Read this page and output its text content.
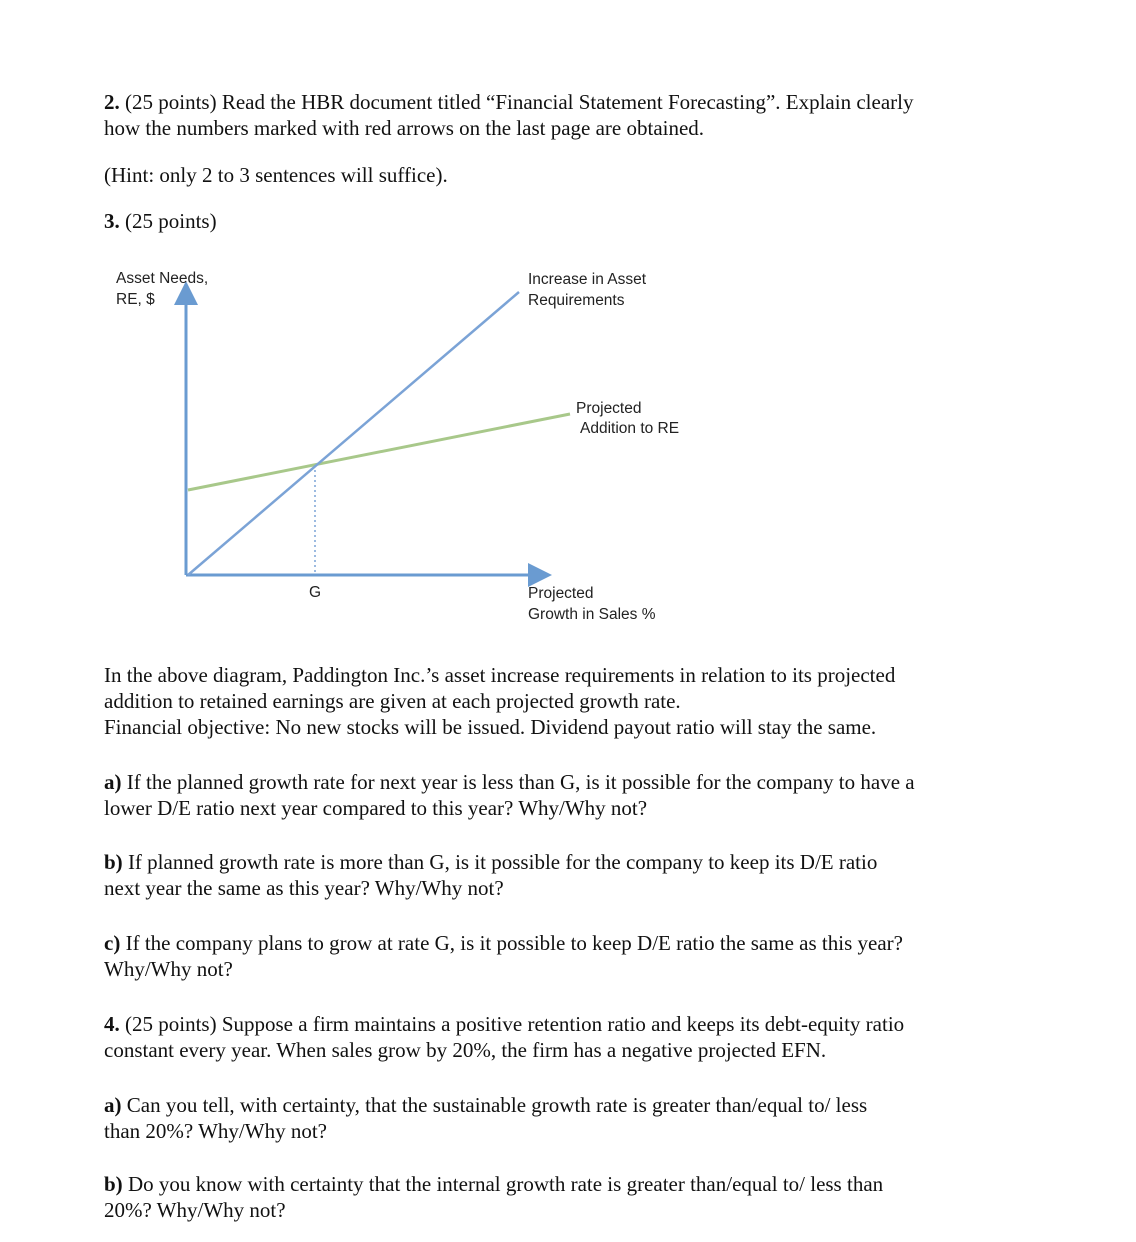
2. (25 points) Read the HBR document titled “Financial Statement Forecasting”. Explain clearly
how the numbers marked with red arrows on the last page are obtained.

(Hint: only 2 to 3 sentences will suffice).

3. (25 points)

Asset Needs,
RE, $
Increase in Asset
Requirements
Projected
Addition to RE
G	Projected
Growth in Sales %

In the above diagram, Paddington Inc.’s asset increase requirements in relation to its projected
addition to retained earnings are given at each projected growth rate.
Financial objective: No new stocks will be issued. Dividend payout ratio will stay the same.

a) If the planned growth rate for next year is less than G, is it possible for the company to have a
lower D/E ratio next year compared to this year? Why/Why not?

b) If planned growth rate is more than G, is it possible for the company to keep its D/E ratio
next year the same as this year? Why/Why not?

c) If the company plans to grow at rate G, is it possible to keep D/E ratio the same as this year?
Why/Why not?

4. (25 points) Suppose a firm maintains a positive retention ratio and keeps its debt-equity ratio
constant every year. When sales grow by 20%, the firm has a negative projected EFN.

a) Can you tell, with certainty, that the sustainable growth rate is greater than/equal to/ less
than 20%? Why/Why not?

b) Do you know with certainty that the internal growth rate is greater than/equal to/ less than
20%? Why/Why not?
